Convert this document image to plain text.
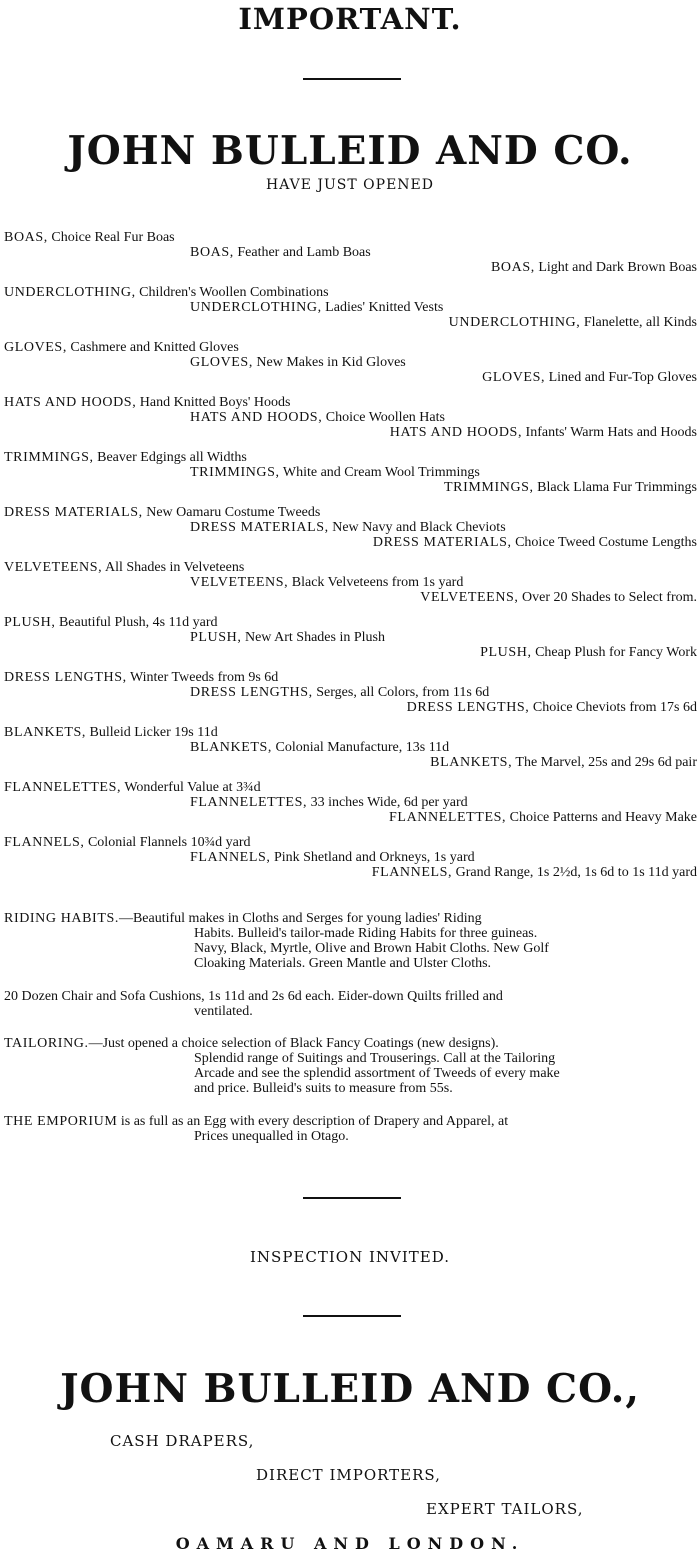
IMPORTANT.
JOHN BULLEID AND CO.
HAVE JUST OPENED
BOAS, Choice Real Fur Boas
BOAS, Feather and Lamb Boas
BOAS, Light and Dark Brown Boas
UNDERCLOTHING, Children's Woollen Combinations
UNDERCLOTHING, Ladies' Knitted Vests
UNDERCLOTHING, Flanelette, all Kinds
GLOVES, Cashmere and Knitted Gloves
GLOVES, New Makes in Kid Gloves
GLOVES, Lined and Fur-Top Gloves
HATS AND HOODS, Hand Knitted Boys' Hoods
HATS AND HOODS, Choice Woollen Hats
HATS AND HOODS, Infants' Warm Hats and Hoods
TRIMMINGS, Beaver Edgings all Widths
TRIMMINGS, White and Cream Wool Trimmings
TRIMMINGS, Black Llama Fur Trimmings
DRESS MATERIALS, New Oamaru Costume Tweeds
DRESS MATERIALS, New Navy and Black Cheviots
DRESS MATERIALS, Choice Tweed Costume Lengths
VELVETEENS, All Shades in Velveteens
VELVETEENS, Black Velveteens from 1s yard
VELVETEENS, Over 20 Shades to Select from.
PLUSH, Beautiful Plush, 4s 11d yard
PLUSH, New Art Shades in Plush
PLUSH, Cheap Plush for Fancy Work
DRESS LENGTHS, Winter Tweeds from 9s 6d
DRESS LENGTHS, Serges, all Colors, from 11s 6d
DRESS LENGTHS, Choice Cheviots from 17s 6d
BLANKETS, Bulleid Licker 19s 11d
BLANKETS, Colonial Manufacture, 13s 11d
BLANKETS, The Marvel, 25s and 29s 6d pair
FLANNELETTES, Wonderful Value at 3¾d
FLANNELETTES, 33 inches Wide, 6d per yard
FLANNELETTES, Choice Patterns and Heavy Make
FLANNELS, Colonial Flannels 10¾d yard
FLANNELS, Pink Shetland and Orkneys, 1s yard
FLANNELS, Grand Range, 1s 2½d, 1s 6d to 1s 11d yard
RIDING HABITS.—Beautiful makes in Cloths and Serges for young ladies' Riding
Habits. Bulleid's tailor-made Riding Habits for three guineas.
Navy, Black, Myrtle, Olive and Brown Habit Cloths. New Golf
Cloaking Materials. Green Mantle and Ulster Cloths.
20 Dozen Chair and Sofa Cushions, 1s 11d and 2s 6d each. Eider-down Quilts frilled and
ventilated.
TAILORING.—Just opened a choice selection of Black Fancy Coatings (new designs).
Splendid range of Suitings and Trouserings. Call at the Tailoring
Arcade and see the splendid assortment of Tweeds of every make
and price. Bulleid's suits to measure from 55s.
THE EMPORIUM is as full as an Egg with every description of Drapery and Apparel, at
Prices unequalled in Otago.
INSPECTION INVITED.
JOHN BULLEID AND CO.,
CASH DRAPERS,
DIRECT IMPORTERS,
EXPERT TAILORS,
OAMARU AND LONDON.
